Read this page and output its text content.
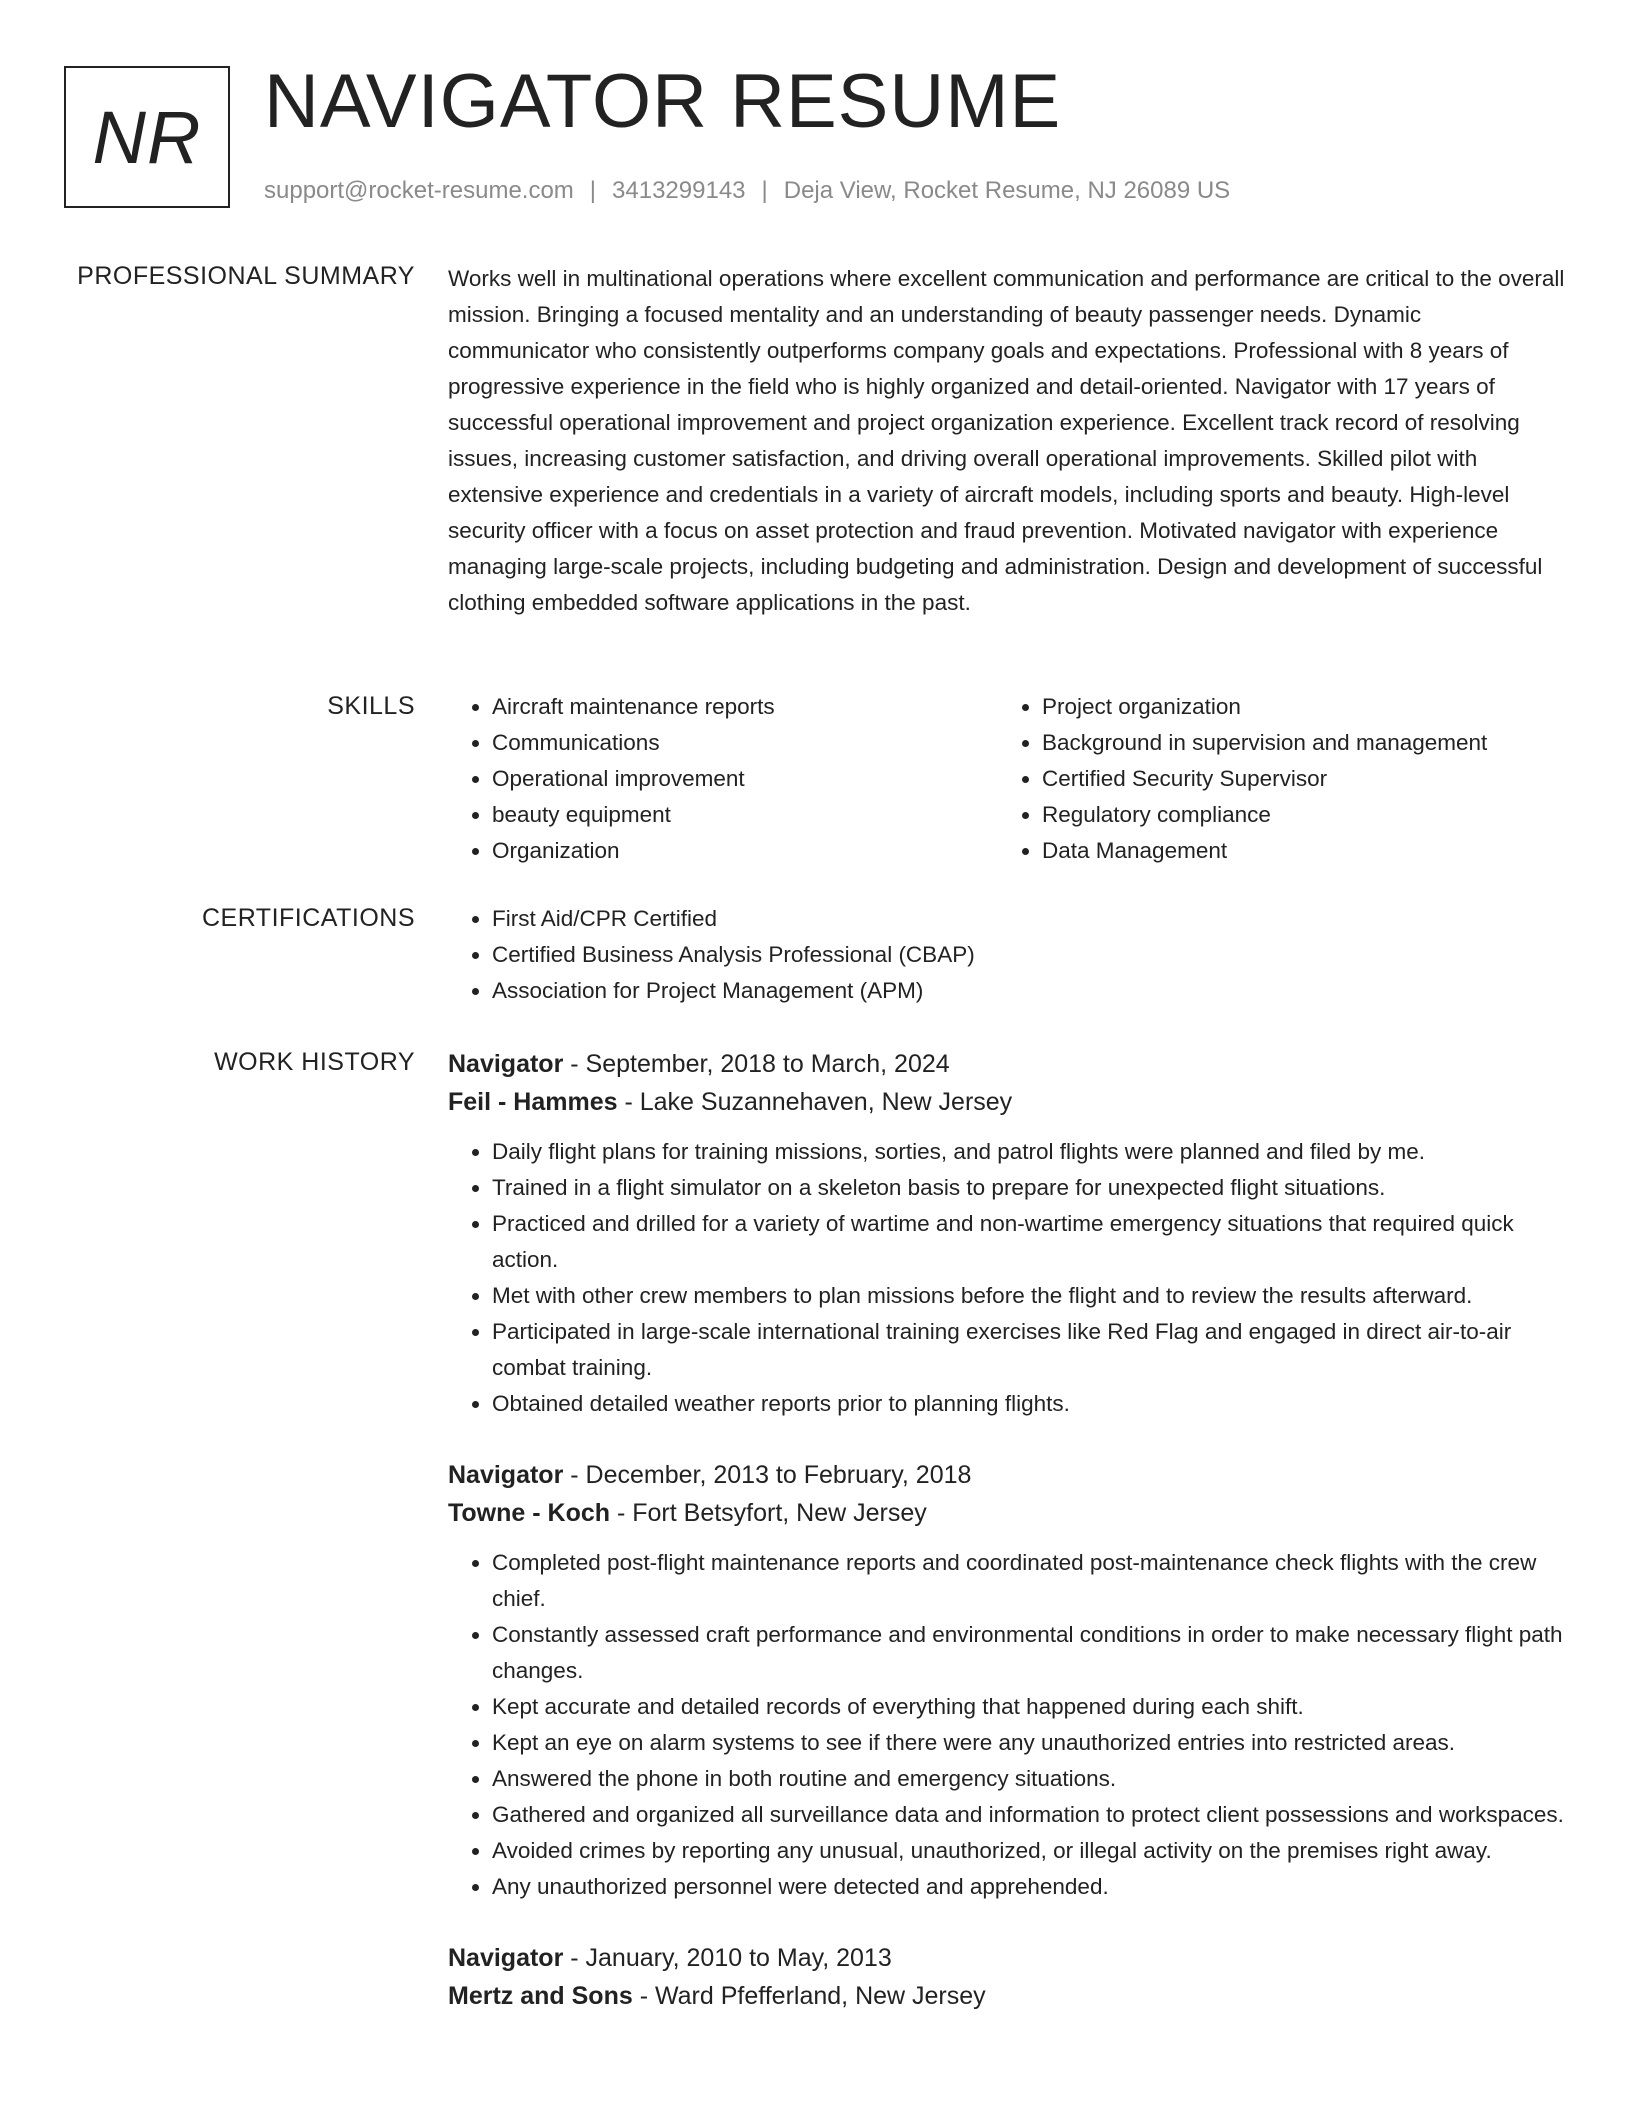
NR NAVIGATOR RESUME
support@rocket-resume.com | 3413299143 | Deja View, Rocket Resume, NJ 26089 US
PROFESSIONAL SUMMARY Works well in multinational operations where excellent communication and performance are critical to the overall mission. Bringing a focused mentality and an understanding of beauty passenger needs. Dynamic communicator who consistently outperforms company goals and expectations. Professional with 8 years of progressive experience in the field who is highly organized and detail-oriented. Navigator with 17 years of successful operational improvement and project organization experience. Excellent track record of resolving issues, increasing customer satisfaction, and driving overall operational improvements. Skilled pilot with extensive experience and credentials in a variety of aircraft models, including sports and beauty. High-level security officer with a focus on asset protection and fraud prevention. Motivated navigator with experience managing large-scale projects, including budgeting and administration. Design and development of successful clothing embedded software applications in the past.

SKILLS	• Aircraft maintenance reports
• Communications
• Operational improvement
• beauty equipment
• Organization
• Project organization
• Background in supervision and management
• Certified Security Supervisor
• Regulatory compliance
• Data Management
CERTIFICATIONS	• First Aid/CPR Certified
• Certified Business Analysis Professional (CBAP)
• Association for Project Management (APM)
WORK HISTORY Navigator - September, 2018 to March, 2024
Feil - Hammes - Lake Suzannehaven, New Jersey
• Daily flight plans for training missions, sorties, and patrol flights were planned and filed by me.
• Trained in a flight simulator on a skeleton basis to prepare for unexpected flight situations.
• Practiced and drilled for a variety of wartime and non-wartime emergency situations that required quick action.
• Met with other crew members to plan missions before the flight and to review the results afterward.
• Participated in large-scale international training exercises like Red Flag and engaged in direct air-to-air combat training.
• Obtained detailed weather reports prior to planning flights.
Navigator - December, 2013 to February, 2018
Towne - Koch - Fort Betsyfort, New Jersey
• Completed post-flight maintenance reports and coordinated post-maintenance check flights with the crew chief.
• Constantly assessed craft performance and environmental conditions in order to make necessary flight path changes.
• Kept accurate and detailed records of everything that happened during each shift.
• Kept an eye on alarm systems to see if there were any unauthorized entries into restricted areas.
• Answered the phone in both routine and emergency situations.
• Gathered and organized all surveillance data and information to protect client possessions and workspaces.
• Avoided crimes by reporting any unusual, unauthorized, or illegal activity on the premises right away.
• Any unauthorized personnel were detected and apprehended.
Navigator - January, 2010 to May, 2013
Mertz and Sons - Ward Pfefferland, New Jersey
